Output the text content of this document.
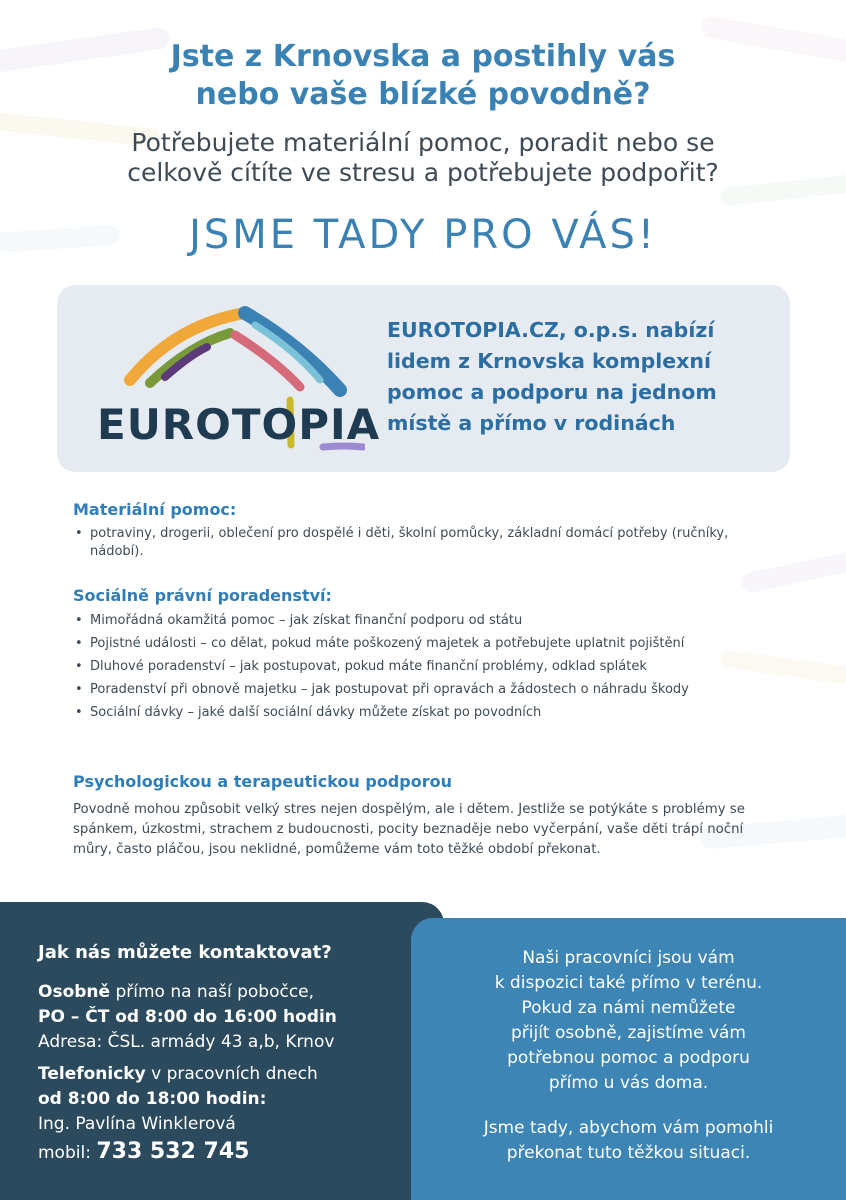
Jste z Krnovska a postihly vás
nebo vaše blízké povodně?
Potřebujete materiální pomoc, poradit nebo se
celkově cítíte ve stresu a potřebujete podpořit?
JSME TADY PRO VÁS!
EUROTOPIA
EUROTOPIA.CZ, o.p.s. nabízí
lidem z Krnovska komplexní
pomoc a podporu na jednom
místě a přímo v rodinách
Materiální pomoc:
• potraviny, drogerii, oblečení pro dospělé i děti, školní pomůcky, základní domácí potřeby (ručníky, nádobí).
Sociálně právní poradenství:
• Mimořádná okamžitá pomoc – jak získat finanční podporu od státu
• Pojistné události – co dělat, pokud máte poškozený majetek a potřebujete uplatnit pojištění
• Dluhové poradenství – jak postupovat, pokud máte finanční problémy, odklad splátek
• Poradenství při obnově majetku – jak postupovat při opravách a žádostech o náhradu škody
• Sociální dávky – jaké další sociální dávky můžete získat po povodních
Psychologickou a terapeutickou podporou
Povodně mohou způsobit velký stres nejen dospělým, ale i dětem. Jestliže se potýkáte s problémy se spánkem, úzkostmi, strachem z budoucnosti, pocity beznaděje nebo vyčerpání, vaše děti trápí noční můry, často pláčou, jsou neklidné, pomůžeme vám toto těžké období překonat.
Jak nás můžete kontaktovat?
Osobně přímo na naší pobočce,
PO – ČT od 8:00 do 16:00 hodin
Adresa: ČSL. armády 43 a,b, Krnov
Telefonicky v pracovních dnech
od 8:00 do 18:00 hodin:
Ing. Pavlína Winklerová
mobil: 733 532 745
Naši pracovníci jsou vám
k dispozici také přímo v terénu.
Pokud za námi nemůžete
přijít osobně, zajistíme vám
potřebnou pomoc a podporu
přímo u vás doma.
Jsme tady, abychom vám pomohli
překonat tuto těžkou situaci.
